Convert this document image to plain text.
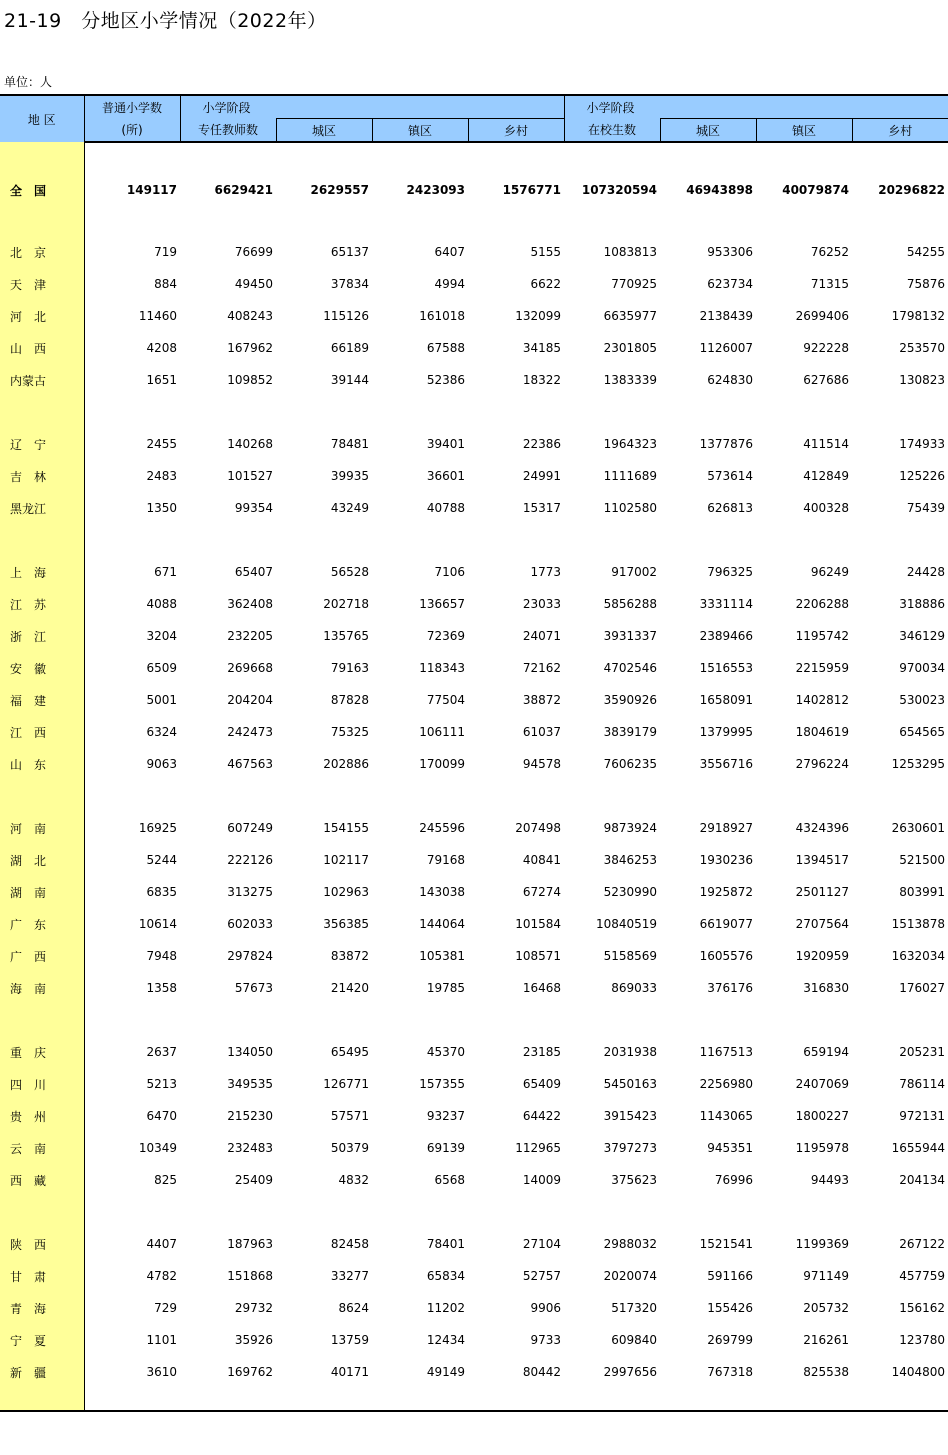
21-19　分地区小学情况（2022年）
单位：人
地 区	普通小学数	小学阶段				小学阶段			
	(所)	专任教师数	城区	镇区	乡村	在校生数	城区	镇区	乡村

全　国	149117	6629421	2629557	2423093	1576771	107320594	46943898	40079874	20296822

北　京	719	76699	65137	6407	5155	1083813	953306	76252	54255
天　津	884	49450	37834	4994	6622	770925	623734	71315	75876
河　北	11460	408243	115126	161018	132099	6635977	2138439	2699406	1798132
山　西	4208	167962	66189	67588	34185	2301805	1126007	922228	253570
内蒙古	1651	109852	39144	52386	18322	1383339	624830	627686	130823

辽　宁	2455	140268	78481	39401	22386	1964323	1377876	411514	174933
吉　林	2483	101527	39935	36601	24991	1111689	573614	412849	125226
黑龙江	1350	99354	43249	40788	15317	1102580	626813	400328	75439

上　海	671	65407	56528	7106	1773	917002	796325	96249	24428
江　苏	4088	362408	202718	136657	23033	5856288	3331114	2206288	318886
浙　江	3204	232205	135765	72369	24071	3931337	2389466	1195742	346129
安　徽	6509	269668	79163	118343	72162	4702546	1516553	2215959	970034
福　建	5001	204204	87828	77504	38872	3590926	1658091	1402812	530023
江　西	6324	242473	75325	106111	61037	3839179	1379995	1804619	654565
山　东	9063	467563	202886	170099	94578	7606235	3556716	2796224	1253295

河　南	16925	607249	154155	245596	207498	9873924	2918927	4324396	2630601
湖　北	5244	222126	102117	79168	40841	3846253	1930236	1394517	521500
湖　南	6835	313275	102963	143038	67274	5230990	1925872	2501127	803991
广　东	10614	602033	356385	144064	101584	10840519	6619077	2707564	1513878
广　西	7948	297824	83872	105381	108571	5158569	1605576	1920959	1632034
海　南	1358	57673	21420	19785	16468	869033	376176	316830	176027

重　庆	2637	134050	65495	45370	23185	2031938	1167513	659194	205231
四　川	5213	349535	126771	157355	65409	5450163	2256980	2407069	786114
贵　州	6470	215230	57571	93237	64422	3915423	1143065	1800227	972131
云　南	10349	232483	50379	69139	112965	3797273	945351	1195978	1655944
西　藏	825	25409	4832	6568	14009	375623	76996	94493	204134

陕　西	4407	187963	82458	78401	27104	2988032	1521541	1199369	267122
甘　肃	4782	151868	33277	65834	52757	2020074	591166	971149	457759
青　海	729	29732	8624	11202	9906	517320	155426	205732	156162
宁　夏	1101	35926	13759	12434	9733	609840	269799	216261	123780
新　疆	3610	169762	40171	49149	80442	2997656	767318	825538	1404800
